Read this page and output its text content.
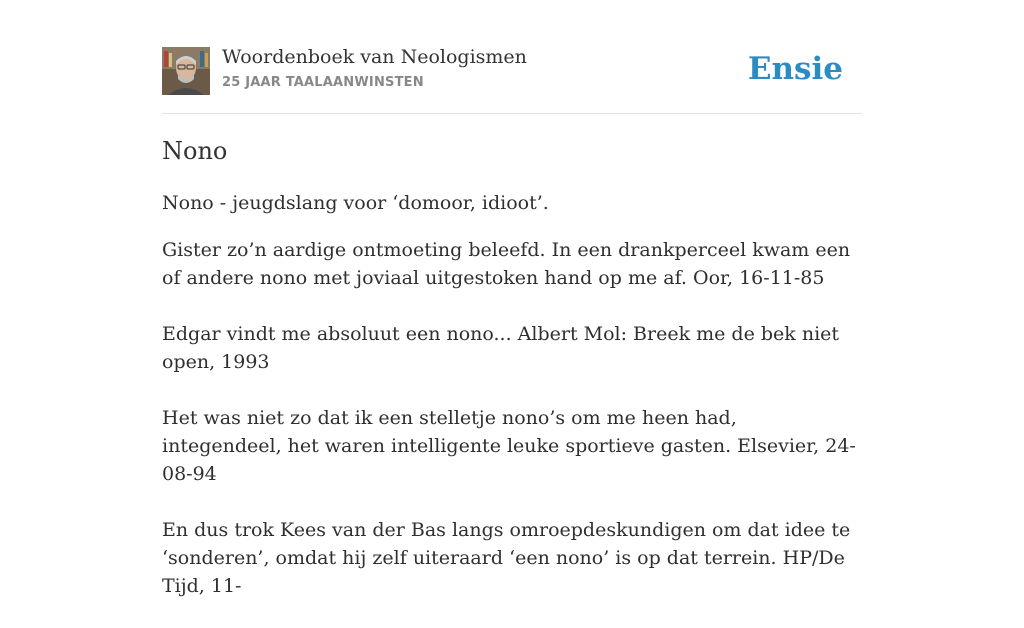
Woordenboek van Neologismen
25 JAAR TAALAANWINSTEN	Ensie
Nono

Nono - jeugdslang voor ‘domoor, idioot’.

Gister zo’n aardige ontmoeting beleefd. In een drankperceel kwam een of andere nono met joviaal uitgestoken hand op me af. Oor, 16-11-85

Edgar vindt me absoluut een nono... Albert Mol: Breek me de bek niet open, 1993

Het was niet zo dat ik een stelletje nono’s om me heen had, integendeel, het waren intelligente leuke sportieve gasten. Elsevier, 24-08-94

En dus trok Kees van der Bas langs omroepdeskundigen om dat idee te ‘sonderen’, omdat hij zelf uiteraard ‘een nono’ is op dat terrein. HP/De Tijd, 11-
